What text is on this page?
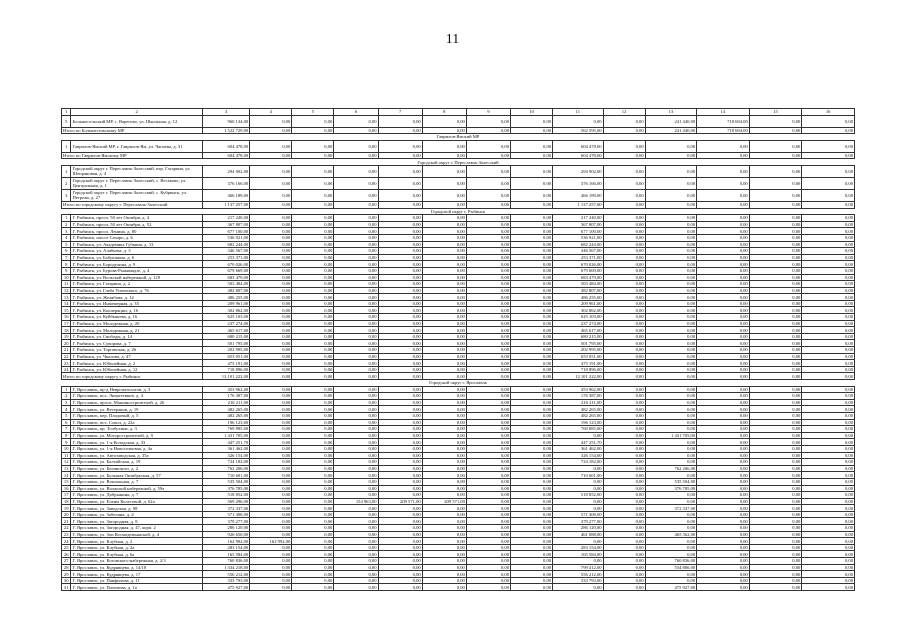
11
1	2	3	4	5	6	7	8	9	10	11	12	13	14	15	16
5	Большесельский МР, с. Варегово, ул. Школьная, д. 12	960 134,00	0,00	0,00	0,00	0,00	0,00	0,00	0,00	0,00	0,00	241 440,00	718 694,00	0,00	0,00
Итого по Большесельскому МР		1 522 729,00	0,00	0,00	0,00	0,00	0,00	0,00	0,00	562 595,00	0,00	241 440,00	718 694,00	0,00	0,00
Гаврилов-Ямский МР															
1	Гаврилов-Ямский МР, г. Гаврилов-Ям, ул. Чапаева, д. 31	604 478,00	0,00	0,00	0,00	0,00	0,00	0,00	0,00	604 478,00	0,00	0,00	0,00	0,00	0,00
Итого по Гаврилов-Ямскому МР		604 478,00	0,00	0,00	0,00	0,00	0,00	0,00	0,00	604 478,00	0,00	0,00	0,00	0,00	0,00
Городской округ г. Переславль-Залесский															
1	Городской округ г. Переславль-Залесский, пер. Гагарина, ул. Шепрановая, д. 4	294 902,00	0,00	0,00	0,00	0,00	0,00	0,00	0,00	294 902,00	0,00	0,00	0,00	0,00	0,00
2	Городской округ г. Переславль-Залесский, с. Веськово, ул. Центральная, д. 1	376 166,00	0,00	0,00	0,00	0,00	0,00	0,00	0,00	376 166,00	0,00	0,00	0,00	0,00	0,00
3	Городской округ г. Переславль-Залесский, с. Кубринск, ул. Петрова, д. 27	466 189,00	0,00	0,00	0,00	0,00	0,00	0,00	0,00	466 189,00	0,00	0,00	0,00	0,00	0,00
Итого по городскому округу г. Переславль-Залесский		1 137 257,00	0,00	0,00	0,00	0,00	0,00	0,00	0,00	1 137 257,00	0,00	0,00	0,00	0,00	0,00
Городской округ г. Рыбинск															
1	Г. Рыбинск, просп. 50 лет Октября, д. 4	217 240,00	0,00	0,00	0,00	0,00	0,00	0,00	0,00	217 240,00	0,00	0,00	0,00	0,00	0,00
2	Г. Рыбинск, просп. 50 лет Октября, д. 52	367 807,00	0,00	0,00	0,00	0,00	0,00	0,00	0,00	367 807,00	0,00	0,00	0,00	0,00	0,00
3	Г. Рыбинск, просп. Ленина, д. 80	677 100,00	0,00	0,00	0,00	0,00	0,00	0,00	0,00	677 100,00	0,00	0,00	0,00	0,00	0,00
4	Г. Рыбинск, шоссе Сахаро, д. 6	536 921,00	0,00	0,00	0,00	0,00	0,00	0,00	0,00	536 921,00	0,00	0,00	0,00	0,00	0,00
5	Г. Рыбинск, ул. Академика Губкина, д. 13	682 244,00	0,00	0,00	0,00	0,00	0,00	0,00	0,00	682 244,00	0,00	0,00	0,00	0,00	0,00
6	Г. Рыбинск, ул. Алябьева, д. 3	346 567,00	0,00	0,00	0,00	0,00	0,00	0,00	0,00	346 567,00	0,00	0,00	0,00	0,00	0,00
7	Г. Рыбинск, ул. Бабушкина, д. 6	253 371,00	0,00	0,00	0,00	0,00	0,00	0,00	0,00	253 371,00	0,00	0,00	0,00	0,00	0,00
8	Г. Рыбинск, ул. Бородулина, д. 9	670 026,00	0,00	0,00	0,00	0,00	0,00	0,00	0,00	670 026,00	0,00	0,00	0,00	0,00	0,00
9	Г. Рыбинск, ул. Бурова-Рыжинадзе, д. 4	679 669,00	0,00	0,00	0,00	0,00	0,00	0,00	0,00	679 669,00	0,00	0,00	0,00	0,00	0,00
10	Г. Рыбинск, ул. Вольской набережной, д. 129	683 479,00	0,00	0,00	0,00	0,00	0,00	0,00	0,00	683 479,00	0,00	0,00	0,00	0,00	0,00
11	Г. Рыбинск, ул. Гагарина, д. 2	503 484,00	0,00	0,00	0,00	0,00	0,00	0,00	0,00	503 484,00	0,00	0,00	0,00	0,00	0,00
12	Г. Рыбинск, ул. Глеба Успенского, д. 76	482 807,00	0,00	0,00	0,00	0,00	0,00	0,00	0,00	482 807,00	0,00	0,00	0,00	0,00	0,00
13	Г. Рыбинск, ул. Желябова, д. 14	486 255,00	0,00	0,00	0,00	0,00	0,00	0,00	0,00	486 255,00	0,00	0,00	0,00	0,00	0,00
14	Г. Рыбинск, ул. Инженерная, д. 35	209 961,00	0,00	0,00	0,00	0,00	0,00	0,00	0,00	209 961,00	0,00	0,00	0,00	0,00	0,00
15	Г. Рыбинск, ул. Кооперации, д. 16	302 862,00	0,00	0,00	0,00	0,00	0,00	0,00	0,00	302 862,00	0,00	0,00	0,00	0,00	0,00
16	Г. Рыбинск, ул. Куйбышева, д. 16	625 103,00	0,00	0,00	0,00	0,00	0,00	0,00	0,00	625 103,00	0,00	0,00	0,00	0,00	0,00
17	Г. Рыбинск, ул. Молодежная, д. 20	237 274,00	0,00	0,00	0,00	0,00	0,00	0,00	0,00	237 274,00	0,00	0,00	0,00	0,00	0,00
18	Г. Рыбинск, ул. Молодежная, д. 21	465 617,00	0,00	0,00	0,00	0,00	0,00	0,00	0,00	465 617,00	0,00	0,00	0,00	0,00	0,00
19	Г. Рыбинск, ул. Свободы, д. 14	680 215,00	0,00	0,00	0,00	0,00	0,00	0,00	0,00	680 215,00	0,00	0,00	0,00	0,00	0,00
20	Г. Рыбинск, ул. Суворова, д. 7	501 795,00	0,00	0,00	0,00	0,00	0,00	0,00	0,00	501 795,00	0,00	0,00	0,00	0,00	0,00
21	Г. Рыбинск, ул. Торговская, д. 26	202 995,00	0,00	0,00	0,00	0,00	0,00	0,00	0,00	202 995,00	0,00	0,00	0,00	0,00	0,00
22	Г. Рыбинск, ул. Чкалова, д. 47	653 051,00	0,00	0,00	0,00	0,00	0,00	0,00	0,00	653 051,00	0,00	0,00	0,00	0,00	0,00
23	Г. Рыбинск, ул. Юбилейная, д. 2	475 191,00	0,00	0,00	0,00	0,00	0,00	0,00	0,00	475 191,00	0,00	0,00	0,00	0,00	0,00
24	Г. Рыбинск, ул. Юбилейная, д. 12	718 896,00	0,00	0,00	0,00	0,00	0,00	0,00	0,00	718 896,00	0,00	0,00	0,00	0,00	0,00
Итого по городскому округу г. Рыбинск		12 101 222,00	0,00	0,00	0,00	0,00	0,00	0,00	0,00	12 101 222,00	0,00	0,00	0,00	0,00	0,00
Городской округ г. Ярославль															
1	Г. Ярославль, пр-д Невропатологов, д. 3	453 962,00	0,00	0,00	0,00	0,00	0,00	0,00	0,00	453 962,00	0,00	0,00	0,00	0,00	0,00
2	Г. Ярославль, пос. Энергетиков, д. 4	176 387,00	0,00	0,00	0,00	0,00	0,00	0,00	0,00	176 387,00	0,00	0,00	0,00	0,00	0,00
3	Г. Ярославль, просп. Машиностроителей, д. 26	216 211,00	0,00	0,00	0,00	0,00	0,00	0,00	0,00	216 211,00	0,00	0,00	0,00	0,00	0,00
4	Г. Ярославль, ул. Ветеранов, д. 19	482 265,00	0,00	0,00	0,00	0,00	0,00	0,00	0,00	482 265,00	0,00	0,00	0,00	0,00	0,00
5	Г. Ярославль, пер. Плодовый, д. 5	482 265,00	0,00	0,00	0,00	0,00	0,00	0,00	0,00	482 265,00	0,00	0,00	0,00	0,00	0,00
6	Г. Ярославль, пос. Сокол, д. 22а	196 123,00	0,00	0,00	0,00	0,00	0,00	0,00	0,00	196 123,00	0,00	0,00	0,00	0,00	0,00
7	Г. Ярославль, пр. Толбухина, д. 3	769 885,00	0,00	0,00	0,00	0,00	0,00	0,00	0,00	769 885,00	0,00	0,00	0,00	0,00	0,00
8	Г. Ярославль, ул. Моторостроителей, д. 9	1 431 705,00	0,00	0,00	0,00	0,00	0,00	0,00	0,00	0,00	0,00	1 431 705,00	0,00	0,00	0,00
9	Г. Ярославль, ул. 1-я Колодская, д. 33	447 251,70	0,00	0,00	0,00	0,00	0,00	0,00	0,00	447 251,70	0,00	0,00	0,00	0,00	0,00
10	Г. Ярославль, ул. 1-я Новоселковая, д. 4а	361 462,00	0,00	0,00	0,00	0,00	0,00	0,00	0,00	361 462,00	0,00	0,00	0,00	0,00	0,00
11	Г. Ярославль, ул. Автозаводская, д. 35а	326 154,00	0,00	0,00	0,00	0,00	0,00	0,00	0,00	326 154,00	0,00	0,00	0,00	0,00	0,00
12	Г. Ярославль, ул. Балтийская, д. 19	724 182,00	0,00	0,00	0,00	0,00	0,00	0,00	0,00	724 182,00	0,00	0,00	0,00	0,00	0,00
13	Г. Ярославль, ул. Белинского, д. 2	762 206,00	0,00	0,00	0,00	0,00	0,00	0,00	0,00	0,00	0,00	762 206,00	0,00	0,00	0,00
14	Г. Ярославль, ул. Большая Октябрьская, д. 57	710 601,00	0,00	0,00	0,00	0,00	0,00	0,00	0,00	710 601,00	0,00	0,00	0,00	0,00	0,00
15	Г. Ярославль, ул. Вокзальная, д. 7	535 504,00	0,00	0,00	0,00	0,00	0,00	0,00	0,00	0,00	0,00	535 504,00	0,00	0,00	0,00
16	Г. Ярославль, ул. Волжской набережной, д. 59а	376 785,00	0,00	0,00	0,00	0,00	0,00	0,00	0,00	0,00	0,00	376 785,00	0,00	0,00	0,00
17	Г. Ярославль, ул. Добрынина, д. 7	518 852,00	0,00	0,00	0,00	0,00	0,00	0,00	0,00	518 852,00	0,00	0,00	0,00	0,00	0,00
18	Г. Ярославль, ул. Елены Колесовой, д. 62а	569 296,00	0,00	0,00	154 963,00	209 571,00	209 571,00	0,00	0,00	0,00	0,00	0,00	0,00	0,00	0,00
19	Г. Ярославль, ул. Заводская, д. 98	372 337,00	0,00	0,00	0,00	0,00	0,00	0,00	0,00	0,00	0,00	372 337,00	0,00	0,00	0,00
20	Г. Ярославль, ул. Забелина, д. 4	571 308,00	0,00	0,00	0,00	0,00	0,00	0,00	0,00	571 308,00	0,00	0,00	0,00	0,00	0,00
21	Г. Ярославль, ул. Загородная, д. 8	379 277,00	0,00	0,00	0,00	0,00	0,00	0,00	0,00	379 277,00	0,00	0,00	0,00	0,00	0,00
22	Г. Ярославль, ул. Загородная, д. 47, корп. 2	286 120,00	0,00	0,00	0,00	0,00	0,00	0,00	0,00	286 120,00	0,00	0,00	0,00	0,00	0,00
23	Г. Ярославль, ул. Зои Космодемьянской, д. 4	926 650,00	0,00	0,00	0,00	0,00	0,00	0,00	0,00	461 088,00	0,00	465 562,00	0,00	0,00	0,00
24	Г. Ярославль, ул. Клубная, д. 2	162 992,00	162 992,00	0,00	0,00	0,00	0,00	0,00	0,00	0,00	0,00	0,00	0,00	0,00	0,00
25	Г. Ярославль, ул. Клубная, д. 2а	283 154,00	0,00	0,00	0,00	0,00	0,00	0,00	0,00	283 154,00	0,00	0,00	0,00	0,00	0,00
26	Г. Ярославль, ул. Клубная, д. 6а	165 584,00	0,00	0,00	0,00	0,00	0,00	0,00	0,00	165 584,00	0,00	0,00	0,00	0,00	0,00
27	Г. Ярославль, ул. Котовского-набережная, д. 2/3	760 836,00	0,00	0,00	0,00	0,00	0,00	0,00	0,00	0,00	0,00	760 836,00	0,00	0,00	0,00
28	Г. Ярославль, ул. Кудрявцева, д. 14/18	1 334 218,00	0,00	0,00	0,00	0,00	0,00	0,00	0,00	799 412,00	0,00	534 806,00	0,00	0,00	0,00
29	Г. Ярославль, ул. Кудрявцева, д. 17	556 212,00	0,00	0,00	0,00	0,00	0,00	0,00	0,00	556 212,00	0,00	0,00	0,00	0,00	0,00
30	Г. Ярославль, ул. Панфилова, д. 11	333 793,00	0,00	0,00	0,00	0,00	0,00	0,00	0,00	333 793,00	0,00	0,00	0,00	0,00	0,00
31	Г. Ярославль, ул. Пахомова, д. 1а	475 927,00	0,00	0,00	0,00	0,00	0,00	0,00	0,00	0,00	0,00	475 927,00	0,00	0,00	0,00
